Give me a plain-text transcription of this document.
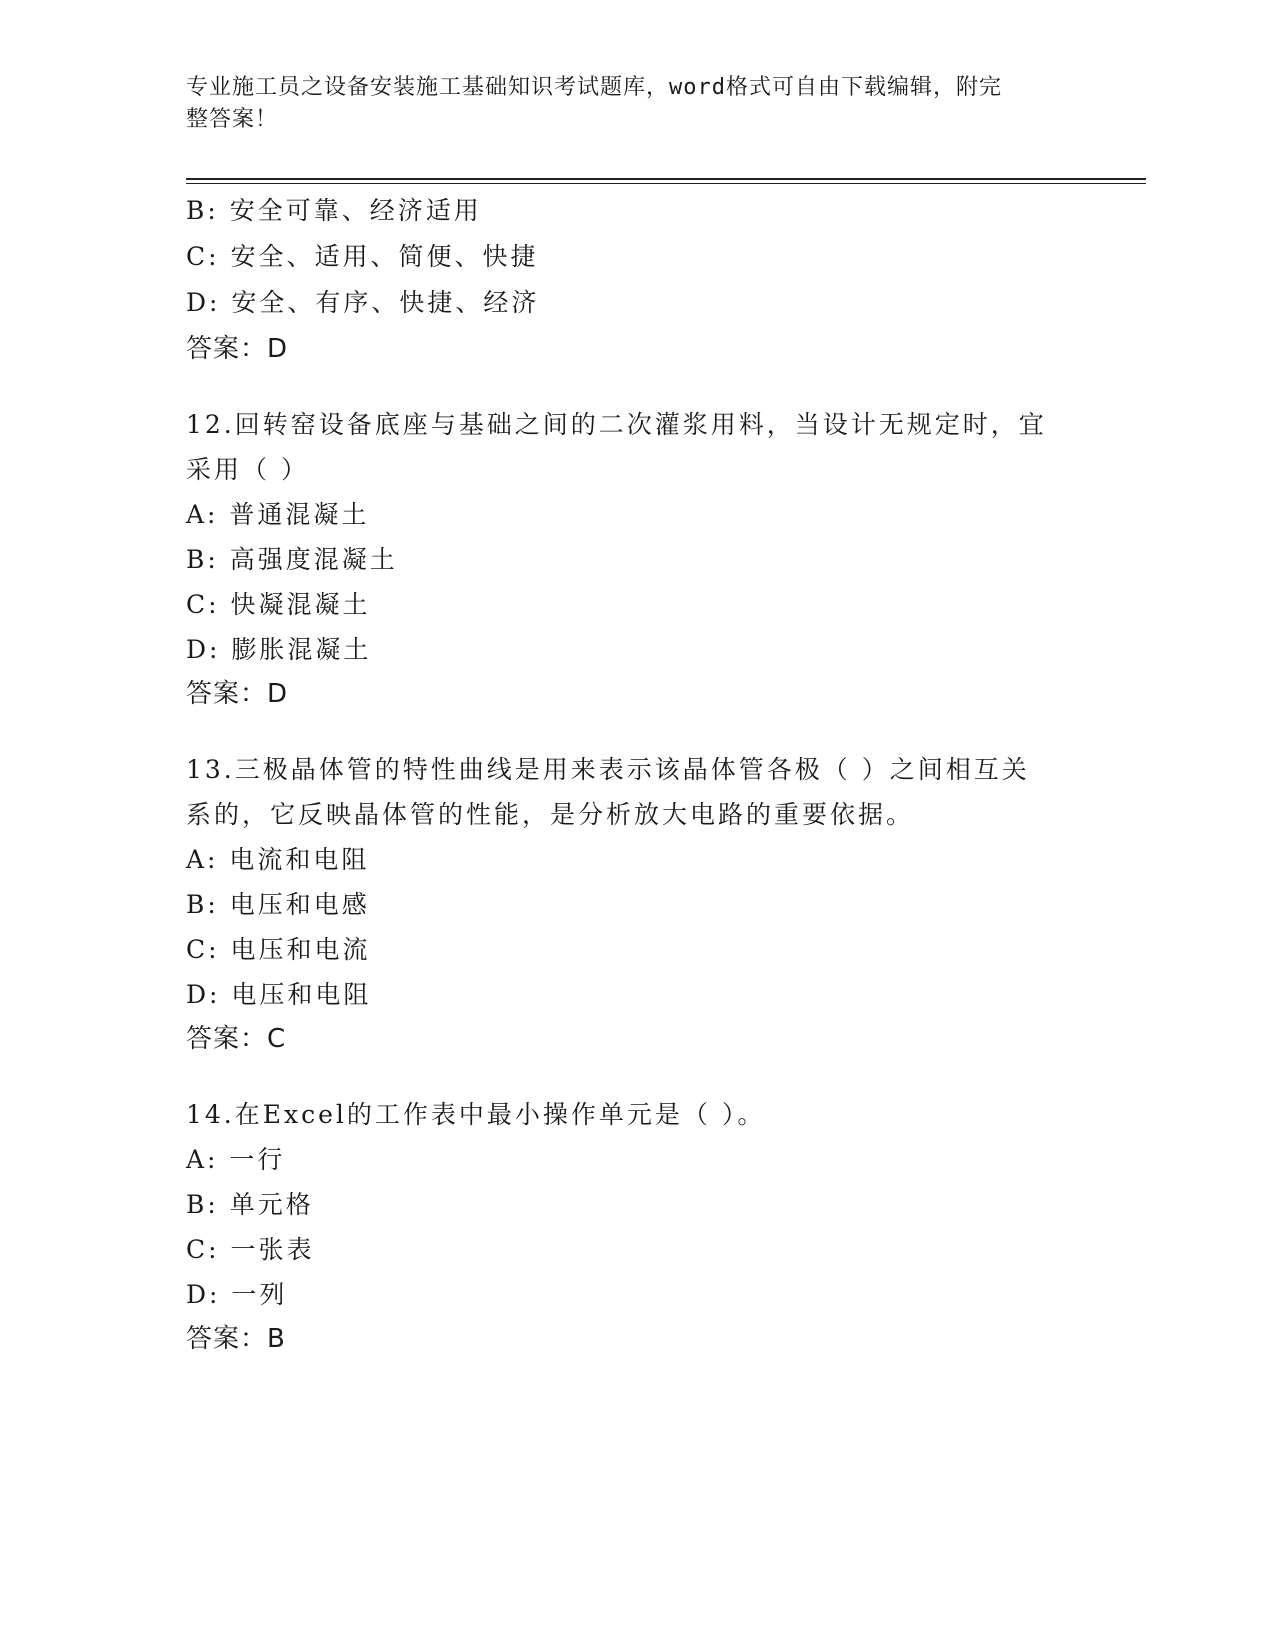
专业施工员之设备安装施工基础知识考试题库，word格式可自由下载编辑，附完
整答案！
B: 安全可靠、经济适用
C: 安全、适用、简便、快捷
D: 安全、有序、快捷、经济
答案：D
12.回转窑设备底座与基础之间的二次灌浆用料，当设计无规定时，宜
采用（ ）
A: 普通混凝土
B: 高强度混凝土
C: 快凝混凝土
D: 膨胀混凝土
答案：D
13.三极晶体管的特性曲线是用来表示该晶体管各极（ ）之间相互关
系的，它反映晶体管的性能，是分析放大电路的重要依据。
A: 电流和电阻
B: 电压和电感
C: 电压和电流
D: 电压和电阻
答案：C
14.在Excel的工作表中最小操作单元是（ ）。
A: 一行
B: 单元格
C: 一张表
D: 一列
答案：B
